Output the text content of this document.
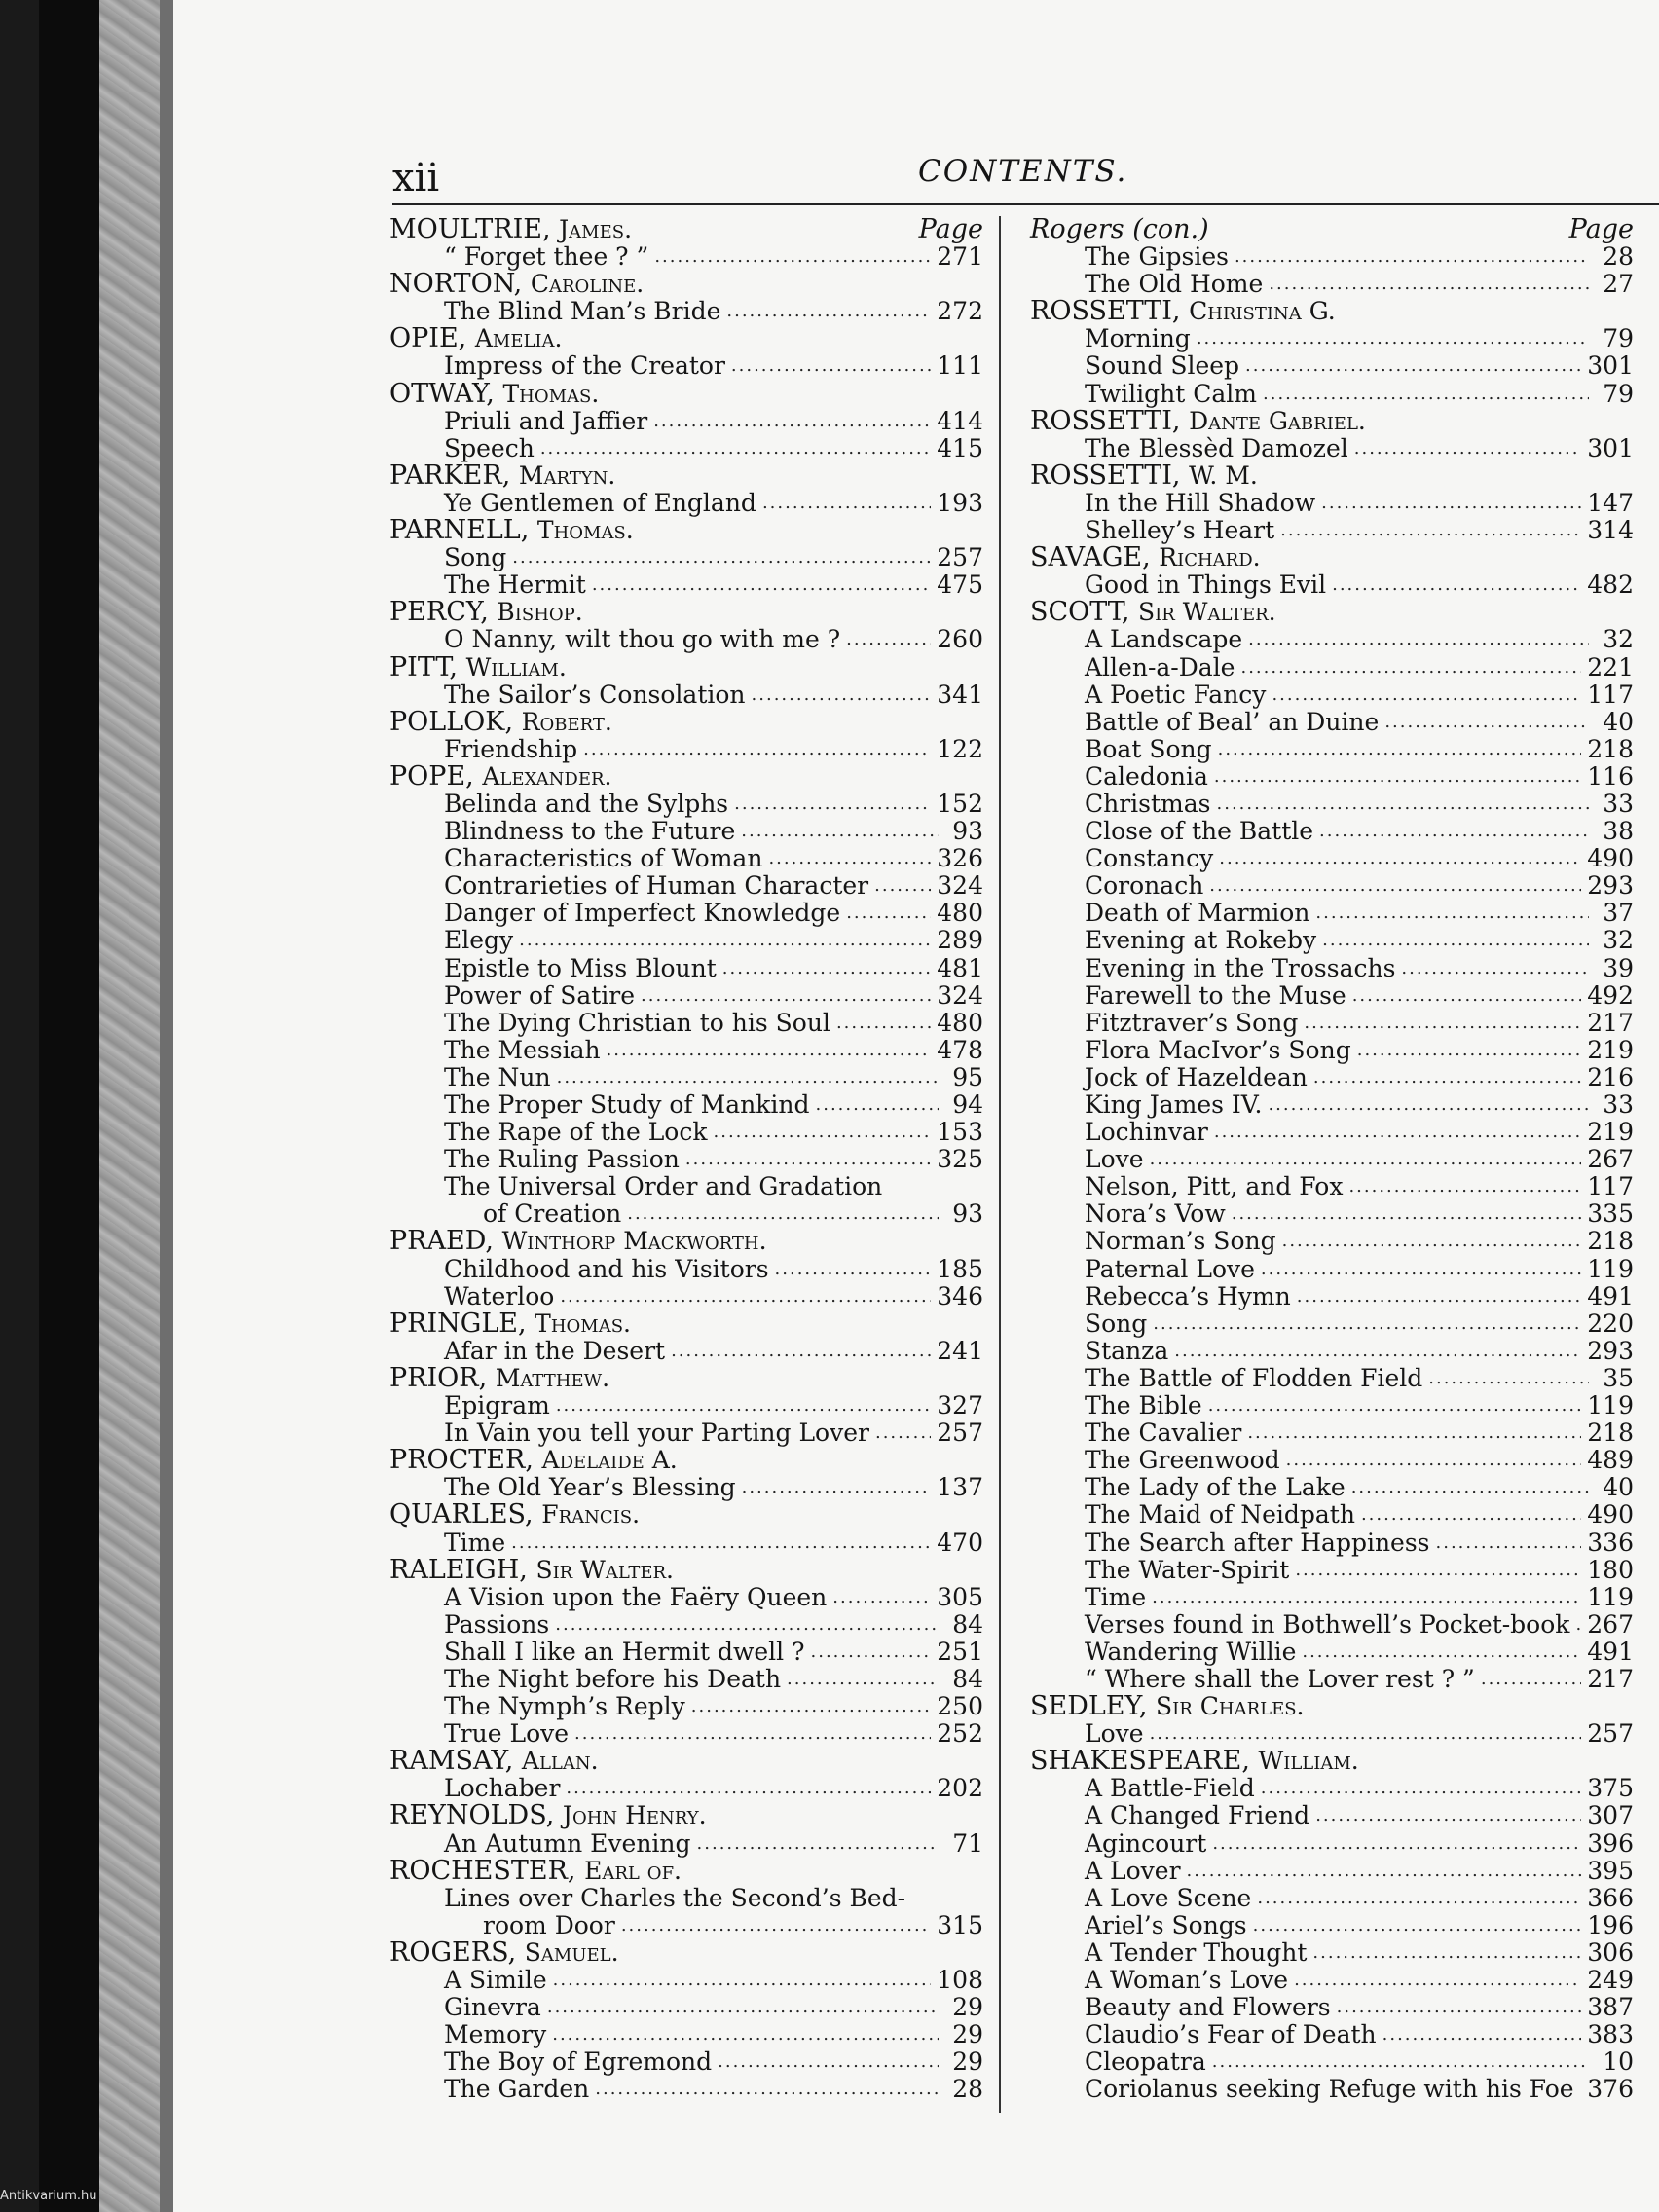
xii	CONTENTS.
MOULTRIE,
James.	Page
“ Forget thee ? ” .....	271
NORTON,
Caroline.
The Blind Man’s Bride .....	272
OPIE,
Amelia.
Impress of the Creator .....	111
OTWAY,
Thomas.
Priuli and Jaffier .....	414
Speech .....	415
PARKER,
Martyn.
Ye Gentlemen of England .....	193
PARNELL,
Thomas.
Song .....	257
The Hermit .....	475
PERCY,
Bishop.
O Nanny, wilt thou go with me ? .....	260
PITT,
William.
The Sailor’s Consolation .....	341
POLLOK,
Robert.
Friendship .....	122
POPE,
Alexander.
Belinda and the Sylphs .....	152
Blindness to the Future .....	93
Characteristics of Woman .....	326
Contrarieties of Human Character .....	324
Danger of Imperfect Knowledge .....	480
Elegy .....	289
Epistle to Miss Blount .....	481
Power of Satire .....	324
The Dying Christian to his Soul .....	480
The Messiah .....	478
The Nun .....	95
The Proper Study of Mankind .....	94
The Rape of the Lock .....	153
The Ruling Passion .....	325
The Universal Order and Gradation
of Creation .....	93
PRAED,
Winthorp Mackworth.
Childhood and his Visitors .....	185
Waterloo .....	346
PRINGLE,
Thomas.
Afar in the Desert .....	241
PRIOR,
Matthew.
Epigram .....	327
In Vain you tell your Parting Lover .....	257
PROCTER,
Adelaide A.
The Old Year’s Blessing .....	137
QUARLES,
Francis.
Time .....	470
RALEIGH,
Sir Walter.
A Vision upon the Faëry Queen .....	305
Passions .....	84
Shall I like an Hermit dwell ? .....	251
The Night before his Death .....	84
The Nymph’s Reply .....	250
True Love .....	252
RAMSAY,
Allan.
Lochaber .....	202
REYNOLDS,
John Henry.
An Autumn Evening .....	71
ROCHESTER,
Earl of.
Lines over Charles the Second’s Bed-
room Door .....	315
ROGERS,
Samuel.
A Simile .....	108
Ginevra .....	29
Memory .....	29
The Boy of Egremond .....	29
The Garden .....	28
Rogers (con.)	Page
The Gipsies .....	28
The Old Home .....	27
ROSSETTI,
Christina G.
Morning .....	79
Sound Sleep .....	301
Twilight Calm .....	79
ROSSETTI,
Dante Gabriel.
The Blessèd Damozel .....	301
ROSSETTI,
W. M.
In the Hill Shadow .....	147
Shelley’s Heart .....	314
SAVAGE,
Richard.
Good in Things Evil .....	482
SCOTT,
Sir Walter.
A Landscape .....	32
Allen-a-Dale .....	221
A Poetic Fancy .....	117
Battle of Beal’ an Duine .....	40
Boat Song .....	218
Caledonia .....	116
Christmas .....	33
Close of the Battle .....	38
Constancy .....	490
Coronach .....	293
Death of Marmion .....	37
Evening at Rokeby .....	32
Evening in the Trossachs .....	39
Farewell to the Muse .....	492
Fitztraver’s Song .....	217
Flora MacIvor’s Song .....	219
Jock of Hazeldean .....	216
King James IV. .....	33
Lochinvar .....	219
Love .....	267
Nelson, Pitt, and Fox .....	117
Nora’s Vow .....	335
Norman’s Song .....	218
Paternal Love .....	119
Rebecca’s Hymn .....	491
Song .....	220
Stanza .....	293
The Battle of Flodden Field .....	35
The Bible .....	119
The Cavalier .....	218
The Greenwood .....	489
The Lady of the Lake .....	40
The Maid of Neidpath .....	490
The Search after Happiness .....	336
The Water-Spirit .....	180
Time .....	119
Verses found in Bothwell’s Pocket-book ..... 267
Wandering Willie .....	491
“ Where shall the Lover rest ? ” .....	217
SEDLEY,
Sir Charles.
Love .....	257
SHAKESPEARE,
William.
A Battle-Field .....	375
A Changed Friend .....	307
Agincourt .....	396
A Lover .....	395
A Love Scene .....	366
Ariel’s Songs .....	196
A Tender Thought .....	306
A Woman’s Love .....	249
Beauty and Flowers .....	387
Claudio’s Fear of Death .....	383
Cleopatra .....	10
Coriolanus seeking Refuge with his Foe ..... 376
Antikvarium.hu
